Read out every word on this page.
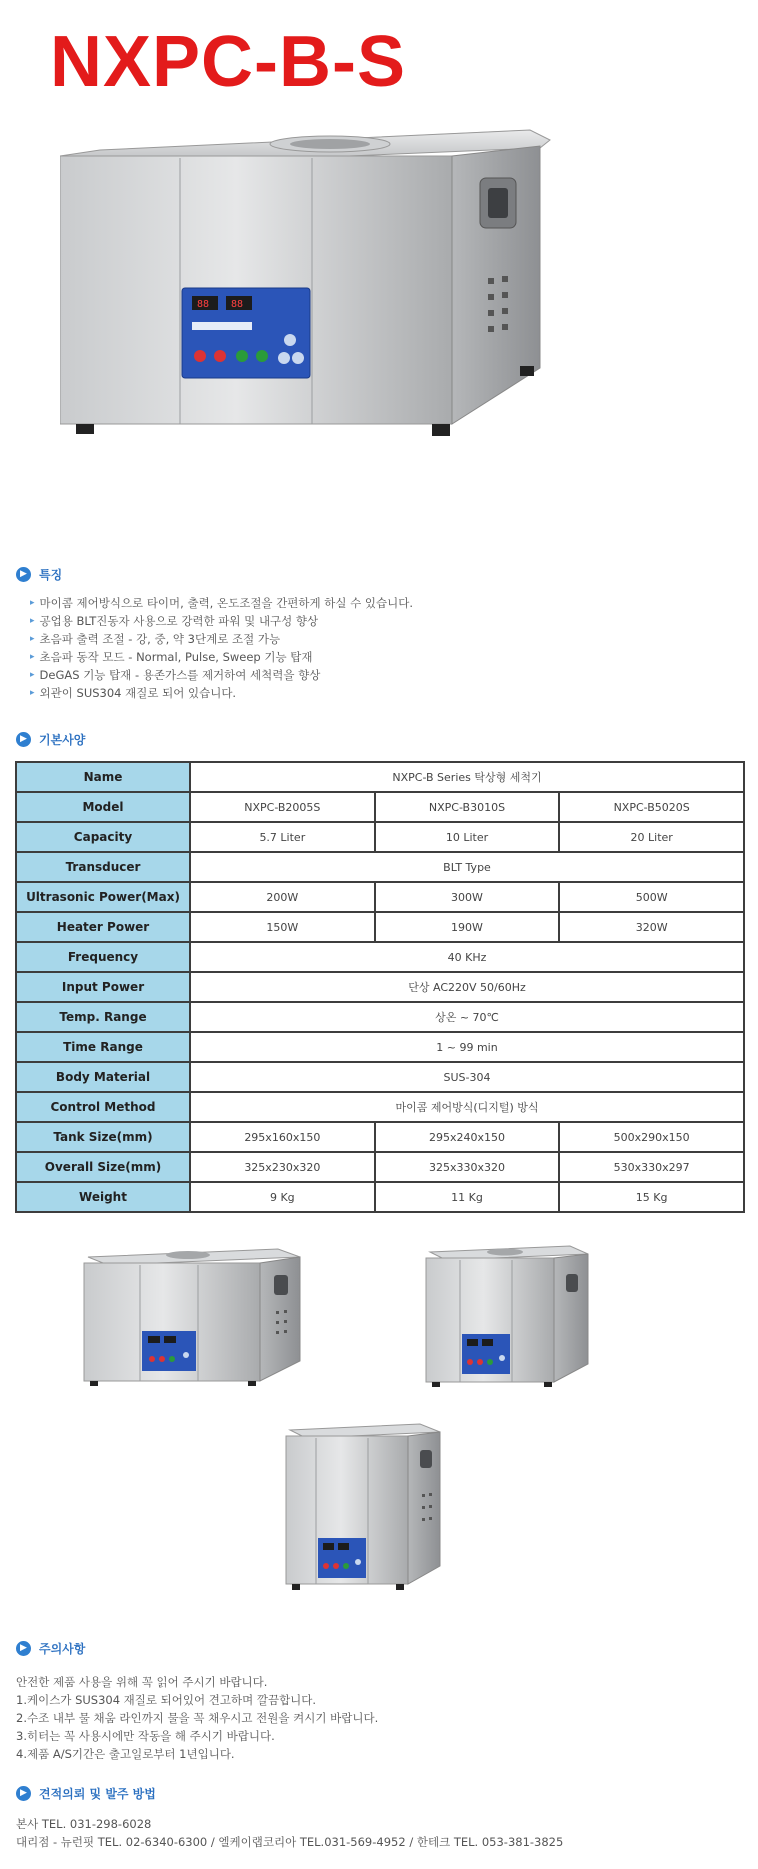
NXPC-B-S
88 88
▶	특징
▸ 마이콤 제어방식으로 타이머, 출력, 온도조절을 간편하게 하실 수 있습니다.
▸ 공업용 BLT진동자 사용으로 강력한 파워 및 내구성 향상
▸ 초음파 출력 조절 - 강, 중, 약 3단계로 조절 가능
▸ 초음파 동작 모드 - Normal, Pulse, Sweep 기능 탑재
▸ DeGAS 기능 탑재 - 용존가스를 제거하여 세척력을 향상
▸ 외관이 SUS304 재질로 되어 있습니다.
▶	기본사양
Name	NXPC-B Series 탁상형 세척기		
Model	NXPC-B2005S	NXPC-B3010S	NXPC-B5020S
Capacity	5.7 Liter	10 Liter	20 Liter
Transducer	BLT Type		
Ultrasonic Power(Max)	200W	300W	500W
Heater Power	150W	190W	320W
Frequency	40 KHz		
Input Power	단상 AC220V 50/60Hz		
Temp. Range	상온 ~ 70℃		
Time Range	1 ~ 99 min		
Body Material	SUS-304		
Control Method	마이콤 제어방식(디지털) 방식		
Tank Size(mm)	295x160x150	295x240x150	500x290x150
Overall Size(mm)	325x230x320	325x330x320	530x330x297
Weight	9 Kg	11 Kg	15 Kg
▶	주의사항

안전한 제품 사용을 위해 꼭 읽어 주시기 바랍니다.

1.케이스가 SUS304 재질로 되어있어 견고하며 깔끔합니다.

2.수조 내부 물 채움 라인까지 물을 꼭 채우시고 전원을 켜시기 바랍니다.

3.히터는 꼭 사용시에만 작동을 해 주시기 바랍니다.

4.제품 A/S기간은 출고일로부터 1년입니다.

▶	견적의뢰 및 발주 방법

본사 TEL. 031-298-6028

대리점 - 뉴런핏 TEL. 02-6340-6300 / 엘케이랩코리아 TEL.031-569-4952 / 한테크 TEL. 053-381-3825
